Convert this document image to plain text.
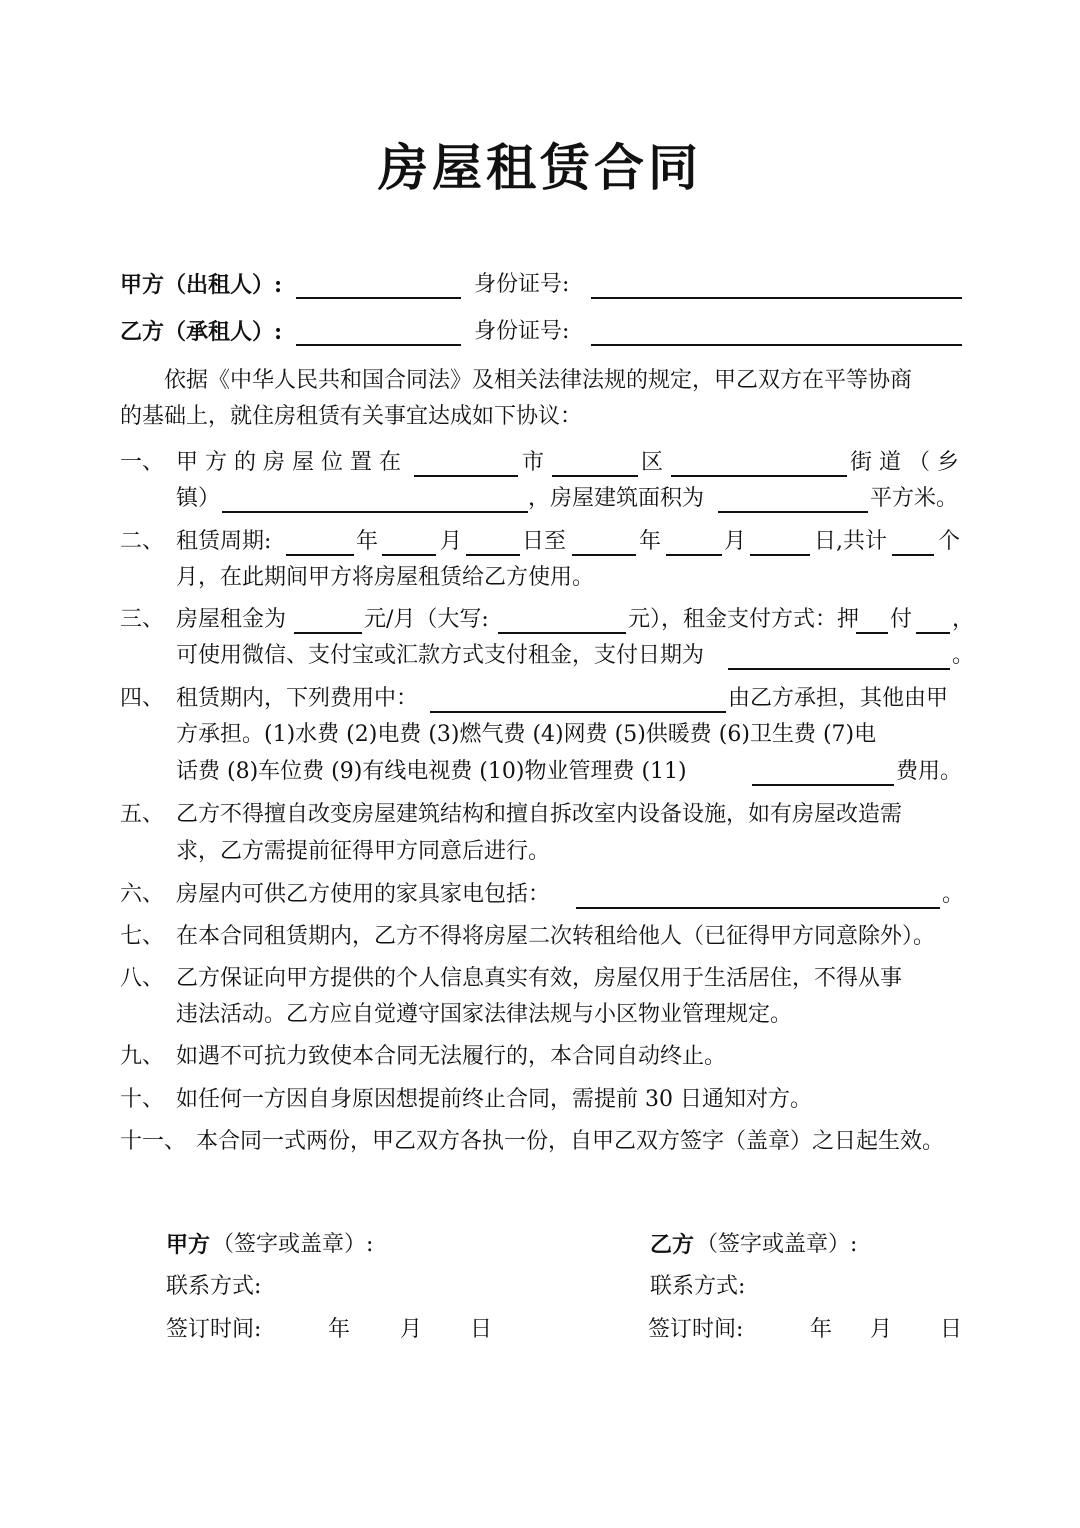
房屋租赁合同
甲方（出租人）:	身份证号:
乙方（承租人）:	身份证号:
依据《中华人民共和国合同法》及相关法律法规的规定，甲乙双方在平等协商
的基础上，就住房租赁有关事宜达成如下协议：
一、 甲 方 的 房 屋 位 置 在	市	区	街 道 （ 乡
镇）	，房屋建筑面积为	平方米。
二、 租赁周期:	年	月	日至	年	月	日,共计 个
月，在此期间甲方将房屋租赁给乙方使用。
三、 房屋租金为	元/月（大写:	元），租金支付方式：押 付 ，
可使用微信、支付宝或汇款方式支付租金，支付日期为	。
四、 租赁期内，下列费用中：	由乙方承担，其他由甲
方承担。(1)水费 (2)电费 (3)燃气费 (4)网费 (5)供暖费 (6)卫生费 (7)电
话费 (8)车位费 (9)有线电视费 (10)物业管理费 (11)	费用。
五、 乙方不得擅自改变房屋建筑结构和擅自拆改室内设备设施，如有房屋改造需
求，乙方需提前征得甲方同意后进行。
六、 房屋内可供乙方使用的家具家电包括：	。
七、 在本合同租赁期内，乙方不得将房屋二次转租给他人（已征得甲方同意除外）。
八、 乙方保证向甲方提供的个人信息真实有效，房屋仅用于生活居住，不得从事
违法活动。乙方应自觉遵守国家法律法规与小区物业管理规定。
九、 如遇不可抗力致使本合同无法履行的，本合同自动终止。
十、 如任何一方因自身原因想提前终止合同，需提前 30 日通知对方。
十一、 本合同一式两份，甲乙双方各执一份，自甲乙双方签字（盖章）之日起生效。
甲方 （签字或盖章）:
联系方式:
签订时间:	年 月 日
乙方 （签字或盖章）:
联系方式:
签订时间:	年 月 日
